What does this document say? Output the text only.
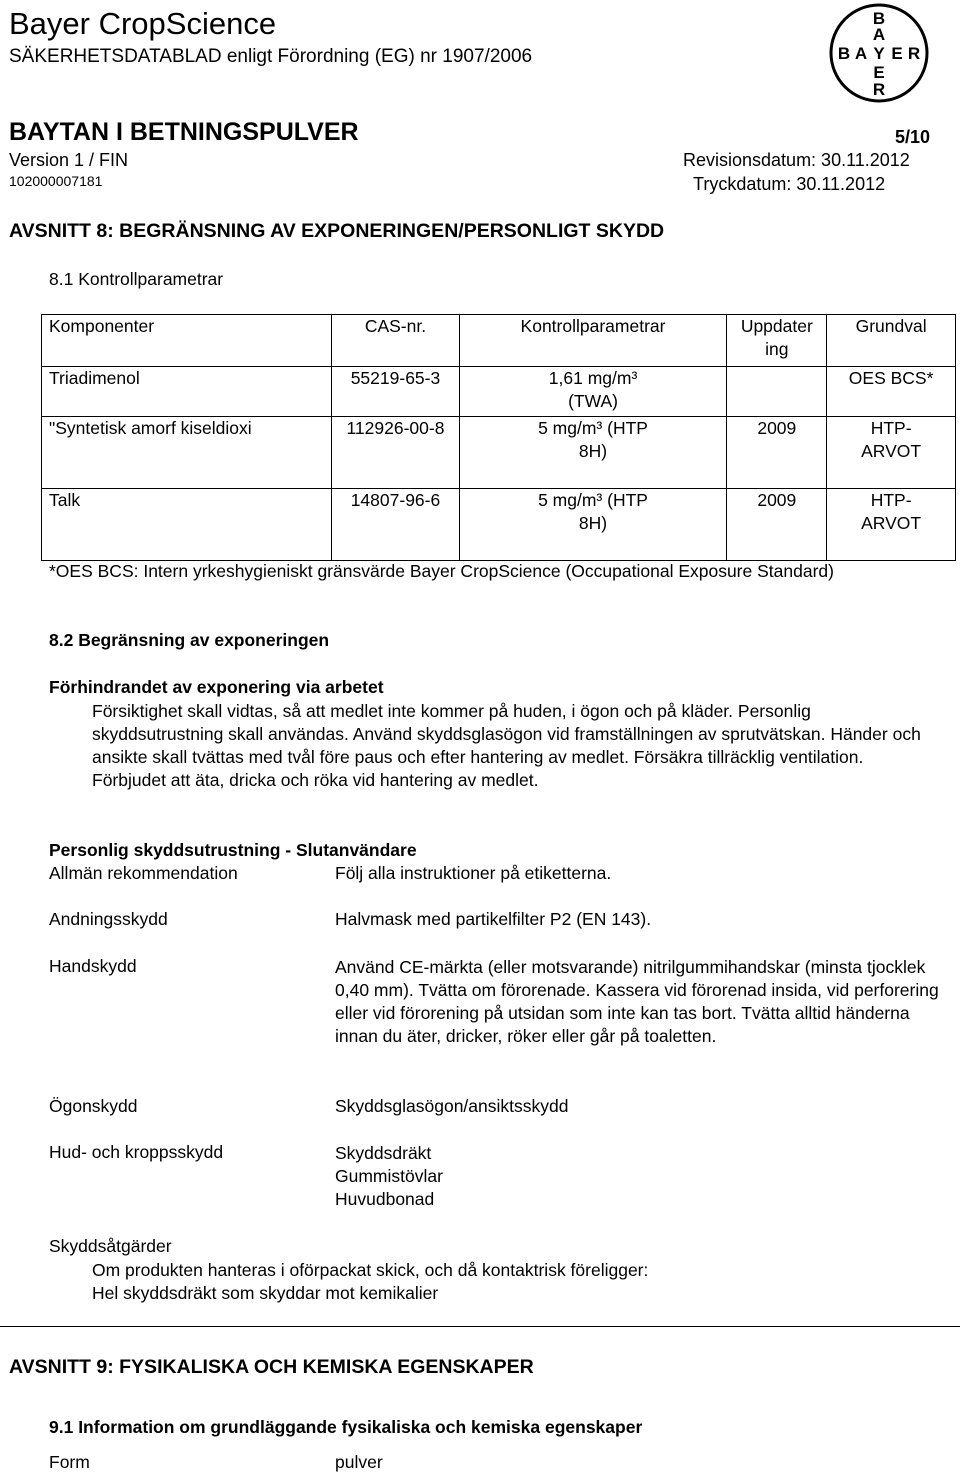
Bayer CropScience
SÄKERHETSDATABLAD enligt Förordning (EG) nr 1907/2006
B
A
B A Y E R
E
R
BAYTAN I BETNINGSPULVER	5/10
Version 1 / FIN	Revisionsdatum: 30.11.2012
102000007181	Tryckdatum: 30.11.2012
AVSNITT 8: BEGRÄNSNING AV EXPONERINGEN/PERSONLIGT SKYDD
8.1 Kontrollparametrar
Komponenter	CAS-nr.	Kontrollparametrar	Uppdater ing	Grundval
Triadimenol	55219-65-3	1,61 mg/m³ (TWA)		OES BCS*
"Syntetisk amorf kiseldioxi	112926-00-8	5 mg/m³ (HTP 8H)	2009	HTP- ARVOT

Talk	14807-96-6	5 mg/m³ (HTP 8H)	2009	HTP- ARVOT
*OES BCS: Intern yrkeshygieniskt gränsvärde Bayer CropScience (Occupational Exposure Standard)
8.2 Begränsning av exponeringen
Förhindrandet av exponering via arbetet
Försiktighet skall vidtas, så att medlet inte kommer på huden, i ögon och på kläder. Personlig skyddsutrustning skall användas. Använd skyddsglasögon vid framställningen av sprutvätskan. Händer och ansikte skall tvättas med tvål före paus och efter hantering av medlet. Försäkra tillräcklig ventilation. Förbjudet att äta, dricka och röka vid hantering av medlet.
Personlig skyddsutrustning - Slutanvändare
Allmän rekommendation	Följ alla instruktioner på etiketterna.
Andningsskydd	Halvmask med partikelfilter P2 (EN 143).
Handskydd	Använd CE-märkta (eller motsvarande) nitrilgummihandskar (minsta tjocklek 0,40 mm). Tvätta om förorenade. Kassera vid förorenad insida, vid perforering eller vid förorening på utsidan som inte kan tas bort. Tvätta alltid händerna innan du äter, dricker, röker eller går på toaletten.
Ögonskydd	Skyddsglasögon/ansiktsskydd
Hud- och kroppsskydd	Skyddsdräkt
Gummistövlar
Huvudbonad
Skyddsåtgärder
Om produkten hanteras i oförpackat skick, och då kontaktrisk föreligger:
Hel skyddsdräkt som skyddar mot kemikalier
AVSNITT 9: FYSIKALISKA OCH KEMISKA EGENSKAPER
9.1 Information om grundläggande fysikaliska och kemiska egenskaper
Form	pulver
